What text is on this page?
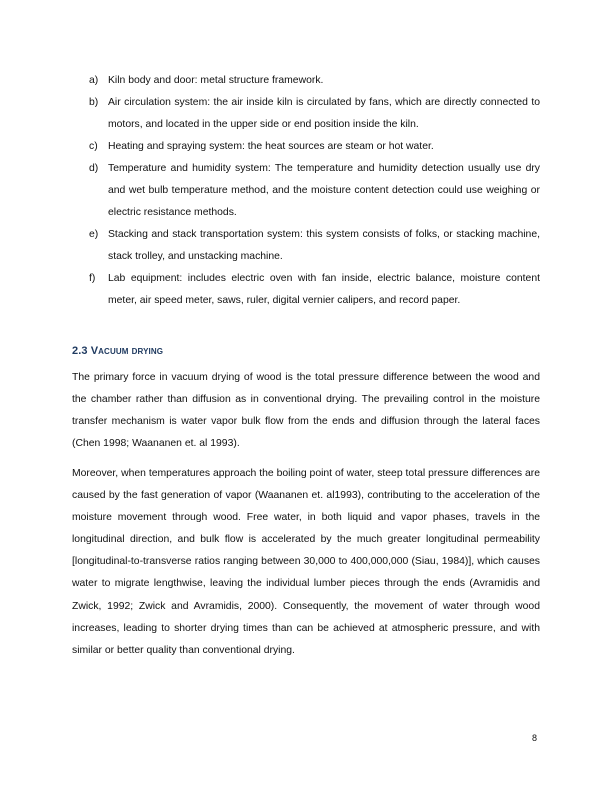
a) Kiln body and door: metal structure framework.
b) Air circulation system: the air inside kiln is circulated by fans, which are directly connected to motors, and located in the upper side or end position inside the kiln.
c) Heating and spraying system: the heat sources are steam or hot water.
d) Temperature and humidity system: The temperature and humidity detection usually use dry and wet bulb temperature method, and the moisture content detection could use weighing or electric resistance methods.
e) Stacking and stack transportation system: this system consists of folks, or stacking machine, stack trolley, and unstacking machine.
f) Lab equipment: includes electric oven with fan inside, electric balance, moisture content meter, air speed meter, saws, ruler, digital vernier calipers, and record paper.
2.3 Vacuum drying

The primary force in vacuum drying of wood is the total pressure difference between the wood and the chamber rather than diffusion as in conventional drying. The prevailing control in the moisture transfer mechanism is water vapor bulk flow from the ends and diffusion through the lateral faces (Chen 1998; Waananen et. al 1993).

Moreover, when temperatures approach the boiling point of water, steep total pressure differences are caused by the fast generation of vapor (Waananen et. al1993), contributing to the acceleration of the moisture movement through wood. Free water, in both liquid and vapor phases, travels in the longitudinal direction, and bulk flow is accelerated by the much greater longitudinal permeability [longitudinal-to-transverse ratios ranging between 30,000 to 400,000,000 (Siau, 1984)], which causes water to migrate lengthwise, leaving the individual lumber pieces through the ends (Avramidis and Zwick, 1992; Zwick and Avramidis, 2000). Consequently, the movement of water through wood increases, leading to shorter drying times than can be achieved at atmospheric pressure, and with similar or better quality than conventional drying.

8
